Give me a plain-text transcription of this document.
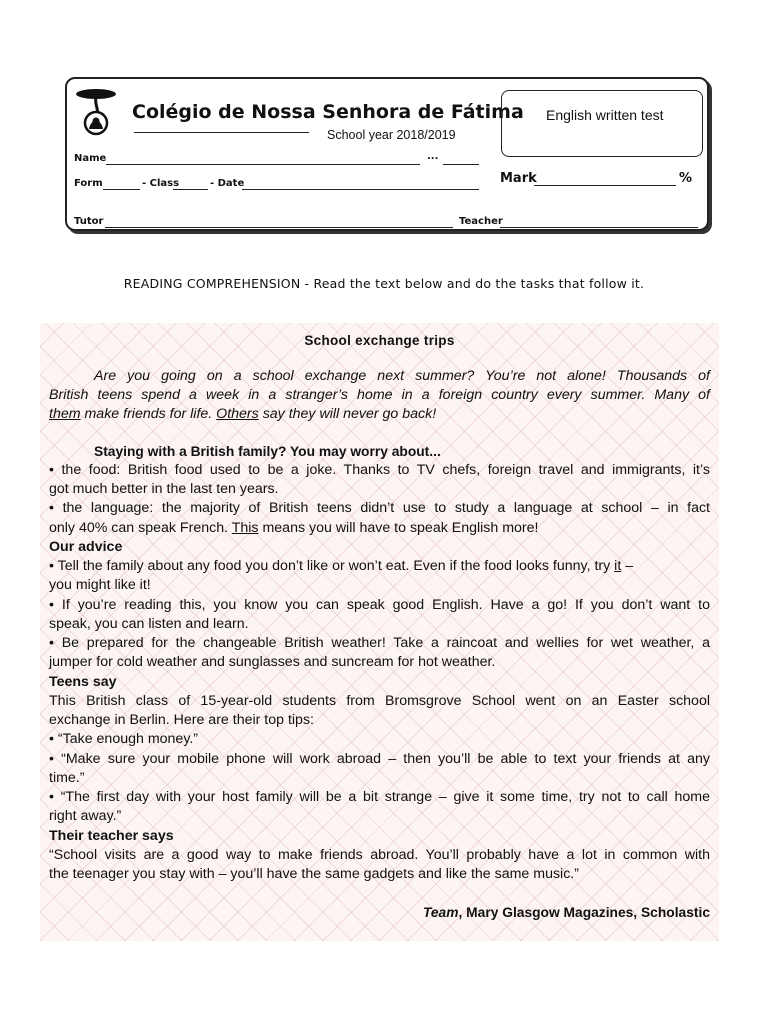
Colégio de Nossa Senhora de Fátima
School year 2018/2019
English written test
Name	...
Form	- Class	- Date	Mark	%
Tutor	Teacher
READING COMPREHENSION - Read the text below and do the tasks that follow it.
School exchange trips
Are you going on a school exchange next summer? You’re not alone! Thousands of
British teens spend a week in a stranger’s home in a foreign country every summer. Many of
them make friends for life. Others say they will never go back!
Staying with a British family? You may worry about...
• the food: British food used to be a joke. Thanks to TV chefs, foreign travel and immigrants, it’s
got much better in the last ten years.
• the language: the majority of British teens didn’t use to study a language at school – in fact
only 40% can speak French. This means you will have to speak English more!
Our advice
• Tell the family about any food you don’t like or won’t eat. Even if the food looks funny, try it –
you might like it!
• If you’re reading this, you know you can speak good English. Have a go! If you don’t want to
speak, you can listen and learn.
• Be prepared for the changeable British weather! Take a raincoat and wellies for wet weather, a
jumper for cold weather and sunglasses and suncream for hot weather.
Teens say
This British class of 15-year-old students from Bromsgrove School went on an Easter school
exchange in Berlin. Here are their top tips:
• “Take enough money.”
• “Make sure your mobile phone will work abroad – then you’ll be able to text your friends at any
time.”
• “The first day with your host family will be a bit strange – give it some time, try not to call home
right away.”
Their teacher says
“School visits are a good way to make friends abroad. You’ll probably have a lot in common with
the teenager you stay with – you’ll have the same gadgets and like the same music.”
Team, Mary Glasgow Magazines, Scholastic
